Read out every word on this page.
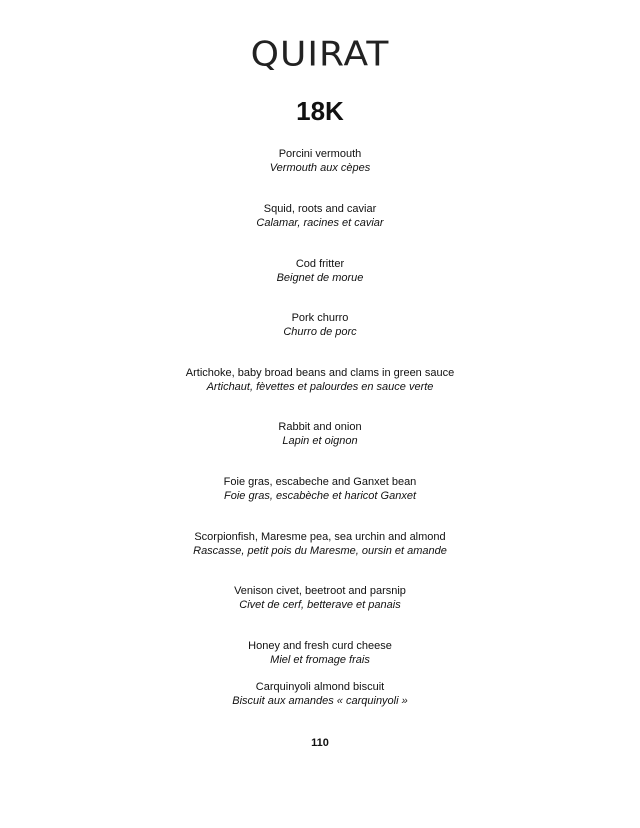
QUIRAT
18K
Porcini vermouth
Vermouth aux cèpes
Squid, roots and caviar
Calamar, racines et caviar
Cod fritter
Beignet de morue
Pork churro
Churro de porc
Artichoke, baby broad beans and clams in green sauce
Artichaut, fèvettes et palourdes en sauce verte
Rabbit and onion
Lapin et oignon
Foie gras, escabeche and Ganxet bean
Foie gras, escabèche et haricot Ganxet
Scorpionfish, Maresme pea, sea urchin and almond
Rascasse, petit pois du Maresme, oursin et amande
Venison civet, beetroot and parsnip
Civet de cerf, betterave et panais
Honey and fresh curd cheese
Miel et fromage frais
Carquinyoli almond biscuit
Biscuit aux amandes « carquinyoli »
110
